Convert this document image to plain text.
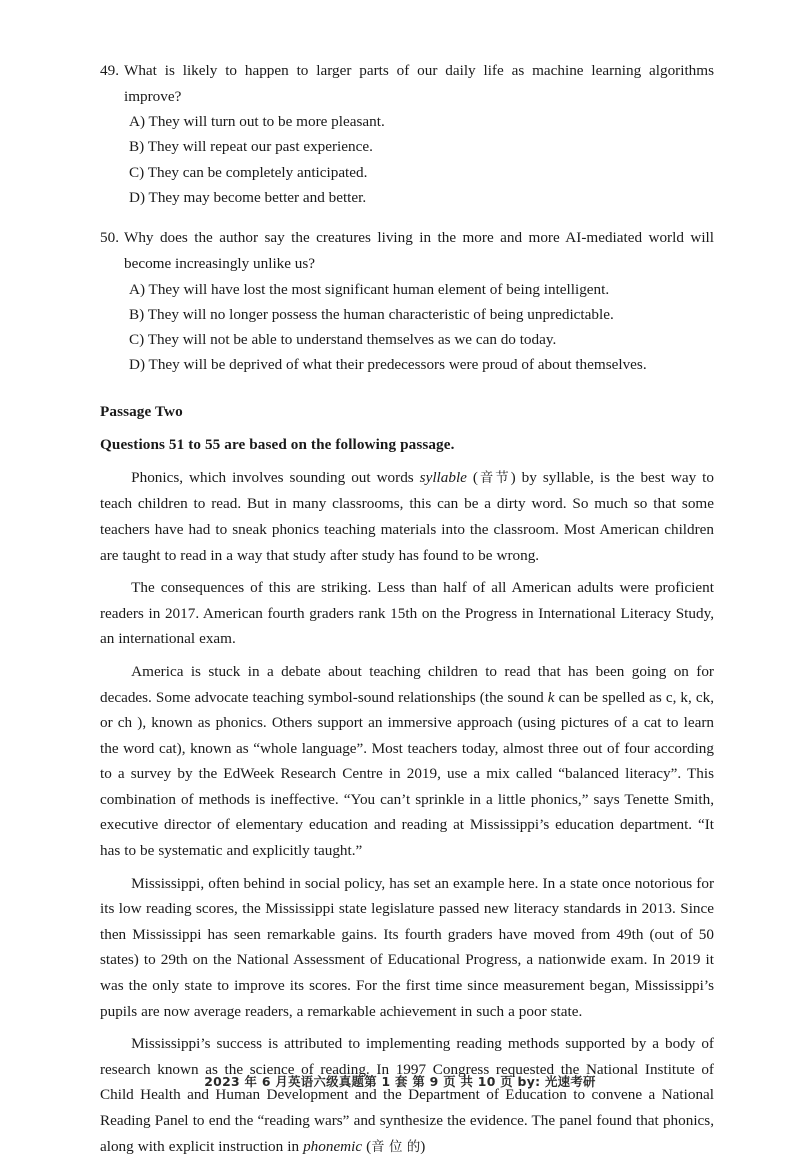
49. What is likely to happen to larger parts of our daily life as machine learning algorithms improve?

A) They will turn out to be more pleasant.
B) They will repeat our past experience.
C) They can be completely anticipated.
D) They may become better and better.

50. Why does the author say the creatures living in the more and more AI-mediated world will become increasingly unlike us?

A) They will have lost the most significant human element of being intelligent.
B) They will no longer possess the human characteristic of being unpredictable.
C) They will not be able to understand themselves as we can do today.
D) They will be deprived of what their predecessors were proud of about themselves.

Passage Two

Questions 51 to 55 are based on the following passage.

Phonics, which involves sounding out words syllable (音节) by syllable, is the best way to teach children to read. But in many classrooms, this can be a dirty word. So much so that some teachers have had to sneak phonics teaching materials into the classroom. Most American children are taught to read in a way that study after study has found to be wrong.

The consequences of this are striking. Less than half of all American adults were proficient readers in 2017. American fourth graders rank 15th on the Progress in International Literacy Study, an international exam.

America is stuck in a debate about teaching children to read that has been going on for decades. Some advocate teaching symbol-sound relationships (the sound k can be spelled as c, k, ck, or ch ), known as phonics. Others support an immersive approach (using pictures of a cat to learn the word cat), known as “whole language”. Most teachers today, almost three out of four according to a survey by the EdWeek Research Centre in 2019, use a mix called “balanced literacy”. This combination of methods is ineffective. “You can’t sprinkle in a little phonics,” says Tenette Smith, executive director of elementary education and reading at Mississippi’s education department. “It has to be systematic and explicitly taught.”

Mississippi, often behind in social policy, has set an example here. In a state once notorious for its low reading scores, the Mississippi state legislature passed new literacy standards in 2013. Since then Mississippi has seen remarkable gains. Its fourth graders have moved from 49th (out of 50 states) to 29th on the National Assessment of Educational Progress, a nationwide exam. In 2019 it was the only state to improve its scores. For the first time since measurement began, Mississippi’s pupils are now average readers, a remarkable achievement in such a poor state.

Mississippi’s success is attributed to implementing reading methods supported by a body of research known as the science of reading. In 1997 Congress requested the National Institute of Child Health and Human Development and the Department of Education to convene a National Reading Panel to end the “reading wars” and synthesize the evidence. The panel found that phonics, along with explicit instruction in phonemic (音 位 的)

2023 年 6 月英语六级真题第 1 套 第 9 页 共 10 页 by: 光速考研
